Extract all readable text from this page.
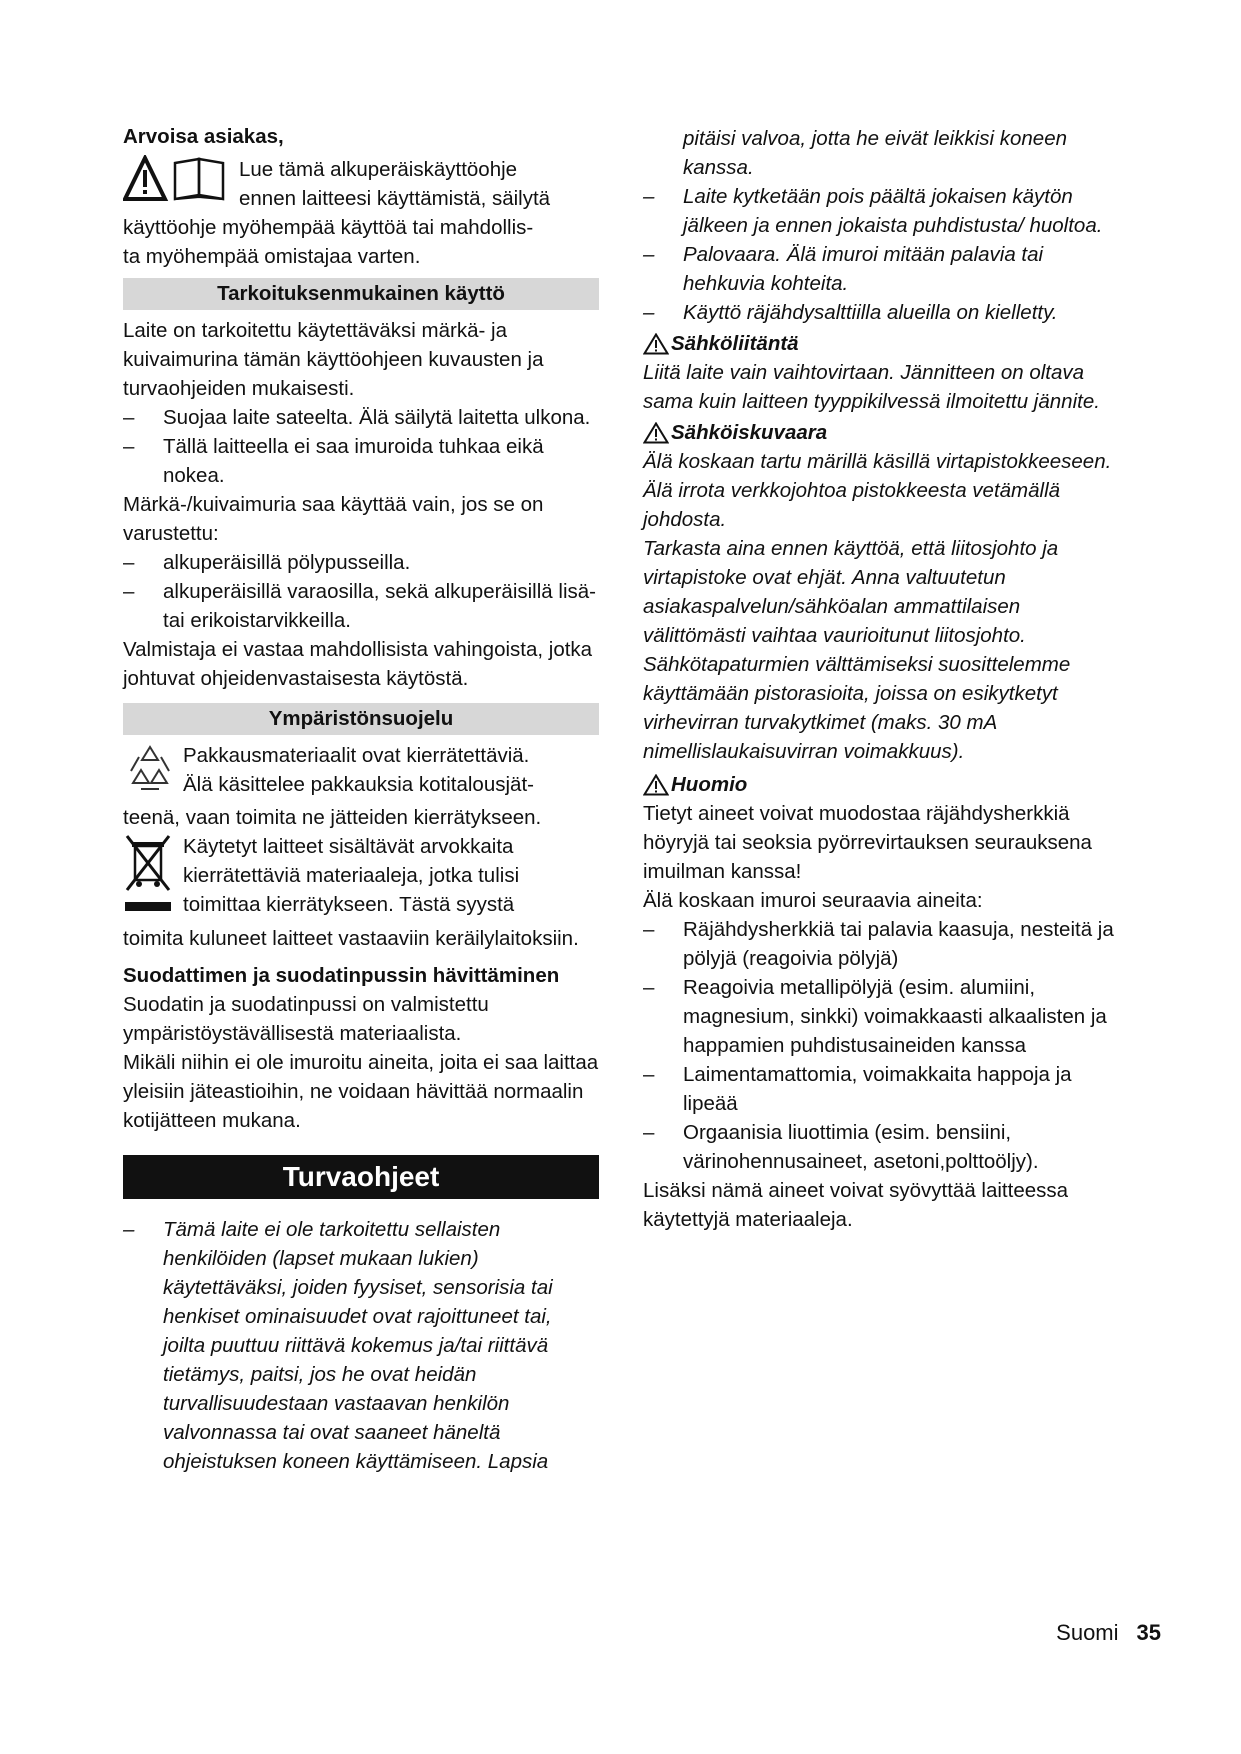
Arvoisa asiakas,

Lue tämä alkuperäiskäyttöohje

ennen laitteesi käyttämistä, säilytä

käyttöohje myöhempää käyttöä tai mahdollis-

ta myöhempää omistajaa varten.

Tarkoituksenmukainen käyttö

Laite on tarkoitettu käytettäväksi märkä- ja kuivaimurina tämän käyttöohjeen kuvausten ja turvaohjeiden mukaisesti.

– Suojaa laite sateelta. Älä säilytä laitetta ulkona.

– Tällä laitteella ei saa imuroida tuhkaa eikä nokea.

Märkä-/kuivaimuria saa käyttää vain, jos se on varustettu:

– alkuperäisillä pölypusseilla.

– alkuperäisillä varaosilla, sekä alkuperäisillä lisä- tai erikoistarvikkeilla.

Valmistaja ei vastaa mahdollisista vahingoista, jotka johtuvat ohjeidenvastaisesta käytöstä.

Ympäristönsuojelu

Pakkausmateriaalit ovat kierrätettäviä.

Älä käsittelee pakkauksia kotitalousjät-

teenä, vaan toimita ne jätteiden kierrätykseen.

Käytetyt laitteet sisältävät arvokkaita

kierrätettäviä materiaaleja, jotka tulisi

toimittaa kierrätykseen. Tästä syystä

toimita kuluneet laitteet vastaaviin keräilylaitoksiin.

Suodattimen ja suodatinpussin hävittäminen

Suodatin ja suodatinpussi on valmistettu ympäristöystävällisestä materiaalista.

Mikäli niihin ei ole imuroitu aineita, joita ei saa laittaa yleisiin jäteastioihin, ne voidaan hävittää normaalin kotijätteen mukana.

Turvaohjeet

– Tämä laite ei ole tarkoitettu sellaisten henkilöiden (lapset mukaan lukien) käytettäväksi, joiden fyysiset, sensorisia tai henkiset ominaisuudet ovat rajoittuneet tai, joilta puuttuu riittävä kokemus ja/tai riittävä tietämys, paitsi, jos he ovat heidän turvallisuudestaan vastaavan henkilön valvonnassa tai ovat saaneet häneltä ohjeistuksen koneen käyttämiseen. Lapsia

pitäisi valvoa, jotta he eivät leikkisi koneen kanssa.

– Laite kytketään pois päältä jokaisen käytön jälkeen ja ennen jokaista puhdistusta/ huoltoa.

– Palovaara. Älä imuroi mitään palavia tai hehkuvia kohteita.

– Käyttö räjähdysalttiilla alueilla on kielletty.

Sähköliitäntä

Liitä laite vain vaihtovirtaan. Jännitteen on oltava sama kuin laitteen tyyppikilvessä ilmoitettu jännite.

Sähköiskuvaara

Älä koskaan tartu märillä käsillä virtapistokkeeseen.

Älä irrota verkkojohtoa pistokkeesta vetämällä johdosta.

Tarkasta aina ennen käyttöä, että liitosjohto ja virtapistoke ovat ehjät. Anna valtuutetun asiakaspalvelun/sähköalan ammattilaisen välittömästi vaihtaa vaurioitunut liitosjohto.

Sähkötapaturmien välttämiseksi suosittelemme käyttämään pistorasioita, joissa on esikytketyt virhevirran turvakytkimet (maks. 30 mA nimellislaukaisuvirran voimakkuus).

Huomio

Tietyt aineet voivat muodostaa räjähdysherkkiä höyryjä tai seoksia pyörrevirtauksen seurauksena imuilman kanssa!

Älä koskaan imuroi seuraavia aineita:

– Räjähdysherkkiä tai palavia kaasuja, nesteitä ja pölyjä (reagoivia pölyjä)

– Reagoivia metallipölyjä (esim. alumiini, magnesium, sinkki) voimakkaasti alkaalisten ja happamien puhdistusaineiden kanssa

– Laimentamattomia, voimakkaita happoja ja lipeää

– Orgaanisia liuottimia (esim. bensiini, värinohennusaineet, asetoni,polttoöljy).

Lisäksi nämä aineet voivat syövyttää laitteessa käytettyjä materiaaleja.

Suomi 35
